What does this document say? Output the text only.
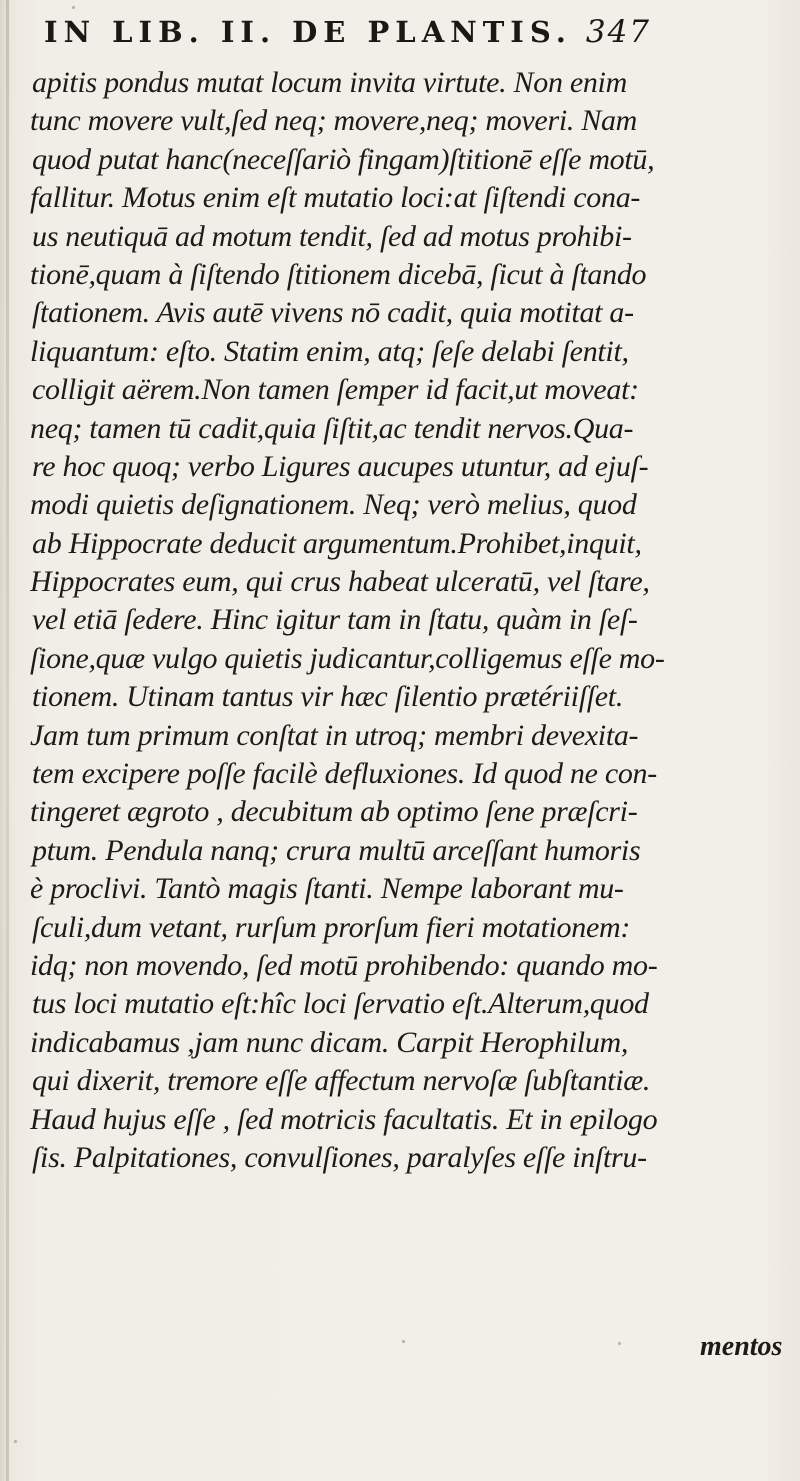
IN LIB. II. DE PLANTIS. 347
apitis pondus mutat locum invita virtute. Non enim
tunc movere vult,ſed neq; movere,neq; moveri. Nam
quod putat hanc(neceſſariò fingam)ſtitionē eſſe motū,
fallitur. Motus enim eſt mutatio loci:at ſiſtendi cona-
us neutiquā ad motum tendit, ſed ad motus prohibi-
tionē,quam à ſiſtendo ſtitionem dicebā, ſicut à ſtando
ſtationem. Avis autē vivens nō cadit, quia motitat a-
liquantum: eſto. Statim enim, atq; ſeſe delabi ſentit,
colligit aërem.Non tamen ſemper id facit,ut moveat:
neq; tamen tū cadit,quia ſiſtit,ac tendit nervos.Qua-
re hoc quoq; verbo Ligures aucupes utuntur, ad ejuſ-
modi quietis deſignationem. Neq; verò melius, quod
ab Hippocrate deducit argumentum.Prohibet,inquit,
Hippocrates eum, qui crus habeat ulceratū, vel ſtare,
vel etiā ſedere. Hinc igitur tam in ſtatu, quàm in ſeſ-
ſione,quæ vulgo quietis judicantur,colligemus eſſe mo-
tionem. Utinam tantus vir hæc ſilentio prætériiſſet.
Jam tum primum conſtat in utroq; membri devexita-
tem excipere poſſe facilè defluxiones. Id quod ne con-
tingeret ægroto , decubitum ab optimo ſene præſcri-
ptum. Pendula nanq; crura multū arceſſant humoris
è proclivi. Tantò magis ſtanti. Nempe laborant mu-
ſculi,dum vetant, rurſum prorſum fieri motationem:
idq; non movendo, ſed motū prohibendo: quando mo-
tus loci mutatio eſt:hîc loci ſervatio eſt.Alterum,quod
indicabamus ,jam nunc dicam. Carpit Herophilum,
qui dixerit, tremore eſſe affectum nervoſæ ſubſtantiæ.
Haud hujus eſſe , ſed motricis facultatis. Et in epilogo
ſis. Palpitationes, convulſiones, paralyſes eſſe inſtru-
mentos
